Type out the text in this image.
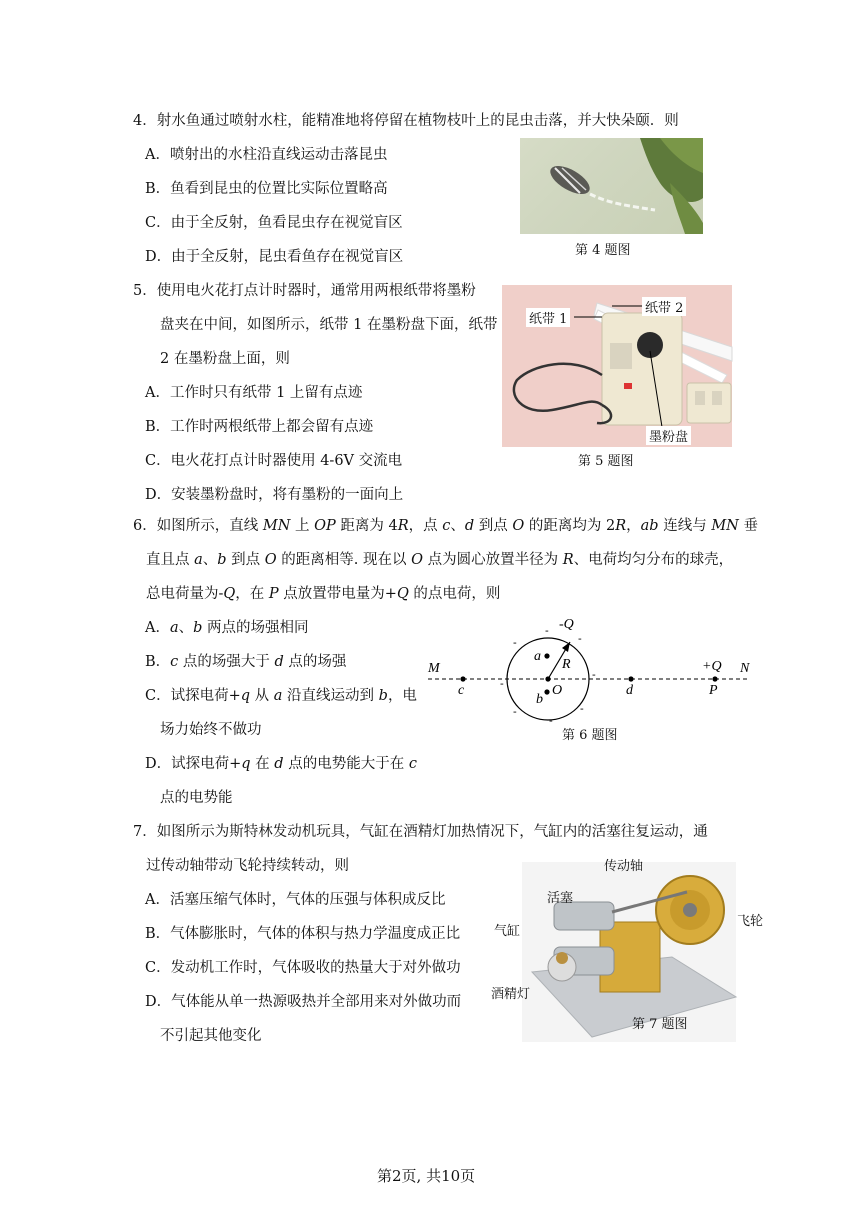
4．射水鱼通过喷射水柱，能精准地将停留在植物枝叶上的昆虫击落，并大快朵颐．则
A．喷射出的水柱沿直线运动击落昆虫
B．鱼看到昆虫的位置比实际位置略高
C．由于全反射，鱼看昆虫存在视觉盲区
D．由于全反射，昆虫看鱼存在视觉盲区	第 4 题图
5．使用电火花打点计时器时，通常用两根纸带将墨粉
盘夹在中间，如图所示，纸带 1 在墨粉盘下面，纸带
2 在墨粉盘上面，则
A．工作时只有纸带 1 上留有点迹
B．工作时两根纸带上都会留有点迹
C．电火花打点计时器使用 4-6V 交流电
D．安装墨粉盘时，将有墨粉的一面向上
纸带 1
纸带 2
墨粉盘
第 5 题图
6．如图所示，直线 MN 上 OP 距离为 4R，点 c、d 到点 O 的距离均为 2R，ab 连线与 MN 垂
直且点 a、b 到点 O 的距离相等. 现在以 O 点为圆心放置半径为 R、电荷均匀分布的球壳，
总电荷量为-Q，在 P 点放置带电量为+Q 的点电荷，则
A．a、b 两点的场强相同
B．c 点的场强大于 d 点的场强
C．试探电荷+q 从 a 沿直线运动到 b，电
场力始终不做功
D．试探电荷+q 在 d 点的电势能大于在 c
点的电势能
M	N
c	O	d	P
a
b
R
-Q
+Q
-
-
-
-
-
-
-
-
第 6 题图
7．如图所示为斯特林发动机玩具，气缸在酒精灯加热情况下，气缸内的活塞往复运动，通
过传动轴带动飞轮持续转动，则
A．活塞压缩气体时，气体的压强与体积成反比
B．气体膨胀时，气体的体积与热力学温度成正比
C．发动机工作时，气体吸收的热量大于对外做功
D．气体能从单一热源吸热并全部用来对外做功而
不引起其他变化
传动轴
活塞
气缸
酒精灯
第 7 题图
飞轮
第2页, 共10页
